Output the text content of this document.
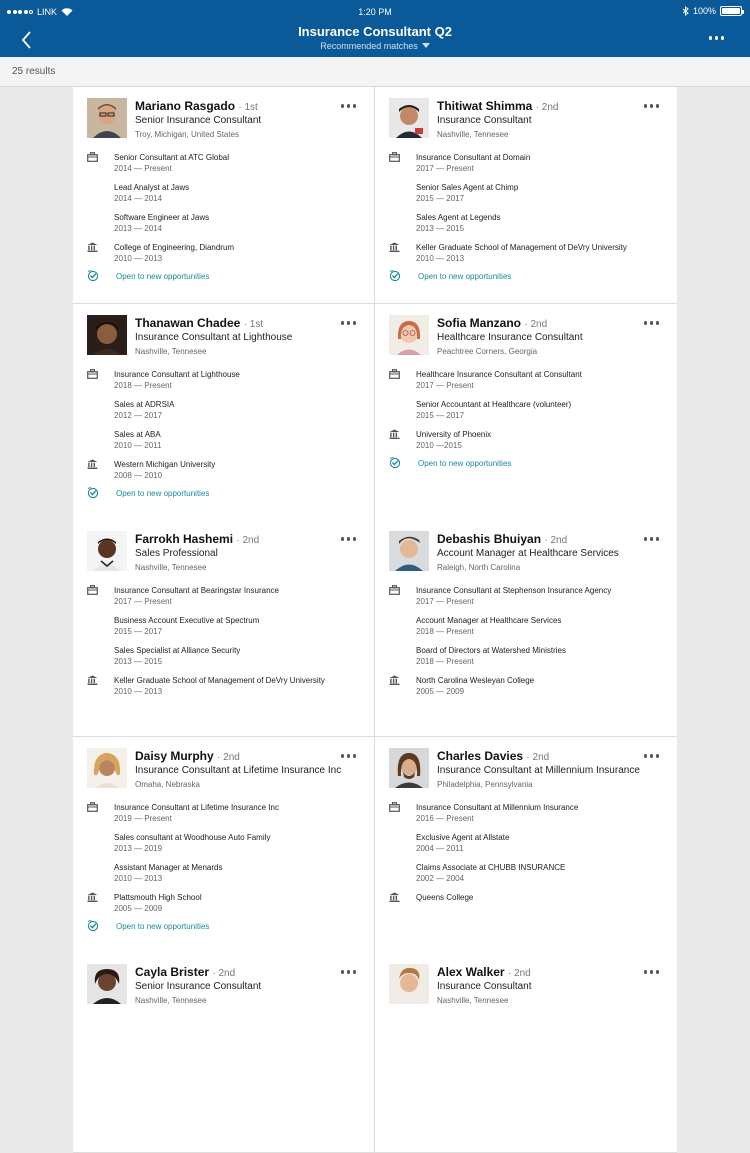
LINK	1:20 PM	100%
Insurance Consultant Q2
Recommended matches
25 results
Mariano Rasgado · 1st
Senior Insurance Consultant
Troy, Michigan, United States
Senior Consultant at ATC Global
2014 — Present
Lead Analyst at Jaws
2014 — 2014
Software Engineer at Jaws
2013 — 2014
College of Engineering, Diandrum
2010 — 2013
Open to new opportunities
Thitiwat Shimma · 2nd
Insurance Consultant
Nashville, Tennesee
Insurance Consultant at Domain
2017 — Present
Senior Sales Agent at Chimp
2015 — 2017
Sales Agent at Legends
2013 — 2015
Keller Graduate School of Management of DeVry University
2010 — 2013
Open to new opportunities
Thanawan Chadee · 1st
Insurance Consultant at Lighthouse
Nashville, Tennesee
Insurance Consultant at Lighthouse
2018 — Present
Sales at ADRSIA
2012 — 2017
Sales at ABA
2010 — 2011
Western Michigan University
2008 — 2010
Open to new opportunities
Sofia Manzano · 2nd
Healthcare Insurance Consultant
Peachtree Corners, Georgia
Healthcare Insurance Consultant at Consultant
2017 — Present
Senior Accountant at Healthcare (volunteer)
2015 — 2017
University of Phoenix
2010 —2015
Open to new opportunities
Farrokh Hashemi · 2nd
Sales Professional
Nashville, Tennesee
Insurance Consultant at Bearingstar Insurance
2017 — Present
Business Account Executive at Spectrum
2015 — 2017
Sales Specialist at Alliance Security
2013 — 2015
Keller Graduate School of Management of DeVry University
2010 — 2013
Debashis Bhuiyan · 2nd
Account Manager at Healthcare Services
Raleigh, North Carolina
Insurance Consultant at Stephenson Insurance Agency
2017 — Present
Account Manager at Healthcare Services
2018 — Present
Board of Directors at Watershed Ministries
2018 — Present
North Carolina Wesleyan College
2005 — 2009
Daisy Murphy · 2nd
Insurance Consultant at Lifetime Insurance Inc
Omaha, Nebraska
Insurance Consultant at Lifetime Insurance Inc
2019 — Present
Sales consultant at Woodhouse Auto Family
2013 — 2019
Assistant Manager at Menards
2010 — 2013
Plattsmouth High School
2005 — 2009
Open to new opportunities
Charles Davies · 2nd
Insurance Consultant at Millennium Insurance
Philadelphia, Pennsylvania
Insurance Consultant at Millennium Insurance
2016 — Present
Exclusive Agent at Allstate
2004 — 2011
Claims Associate at CHUBB INSURANCE
2002 — 2004
Queens College
Cayla Brister · 2nd
Senior Insurance Consultant
Nashville, Tennesee
Alex Walker · 2nd
Insurance Consultant
Nashville, Tennesee
